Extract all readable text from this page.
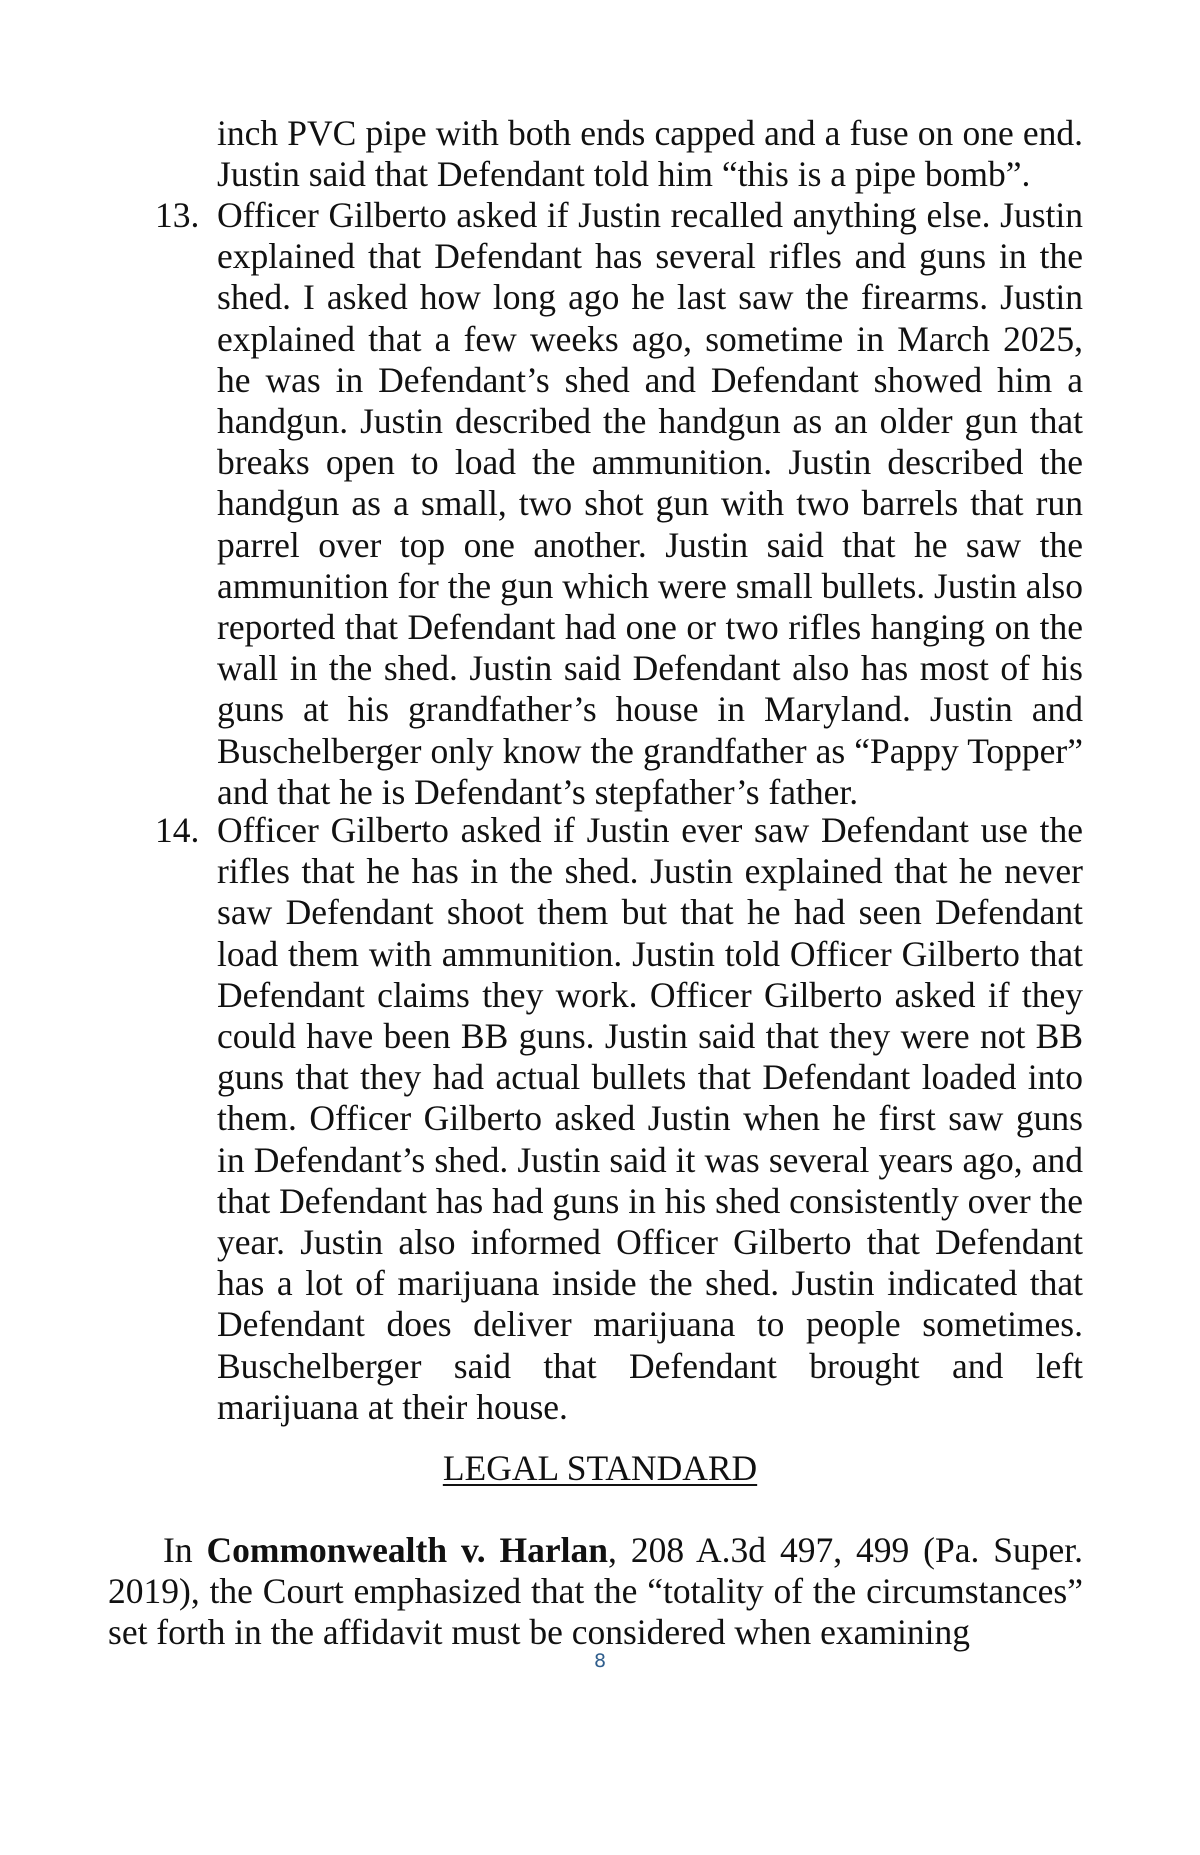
inch PVC pipe with both ends capped and a fuse on one end. Justin said that Defendant told him “this is a pipe bomb”.

13. Officer Gilberto asked if Justin recalled anything else. Justin explained that Defendant has several rifles and guns in the shed. I asked how long ago he last saw the firearms. Justin explained that a few weeks ago, sometime in March 2025, he was in Defendant’s shed and Defendant showed him a handgun. Justin described the handgun as an older gun that breaks open to load the ammunition. Justin described the handgun as a small, two shot gun with two barrels that run parrel over top one another. Justin said that he saw the ammunition for the gun which were small bullets. Justin also reported that Defendant had one or two rifles hanging on the wall in the shed. Justin said Defendant also has most of his guns at his grandfather’s house in Maryland. Justin and Buschelberger only know the grandfather as “Pappy Topper” and that he is Defendant’s stepfather’s father.
14. Officer Gilberto asked if Justin ever saw Defendant use the rifles that he has in the shed. Justin explained that he never saw Defendant shoot them but that he had seen Defendant load them with ammunition. Justin told Officer Gilberto that Defendant claims they work. Officer Gilberto asked if they could have been BB guns. Justin said that they were not BB guns that they had actual bullets that Defendant loaded into them. Officer Gilberto asked Justin when he first saw guns in Defendant’s shed. Justin said it was several years ago, and that Defendant has had guns in his shed consistently over the year. Justin also informed Officer Gilberto that Defendant has a lot of marijuana inside the shed. Justin indicated that Defendant does deliver marijuana to people sometimes. Buschelberger said that Defendant brought and left marijuana at their house.
LEGAL STANDARD

In Commonwealth v. Harlan, 208 A.3d 497, 499 (Pa. Super. 2019), the Court emphasized that the “totality of the circumstances” set forth in the affidavit must be considered when examining

8
